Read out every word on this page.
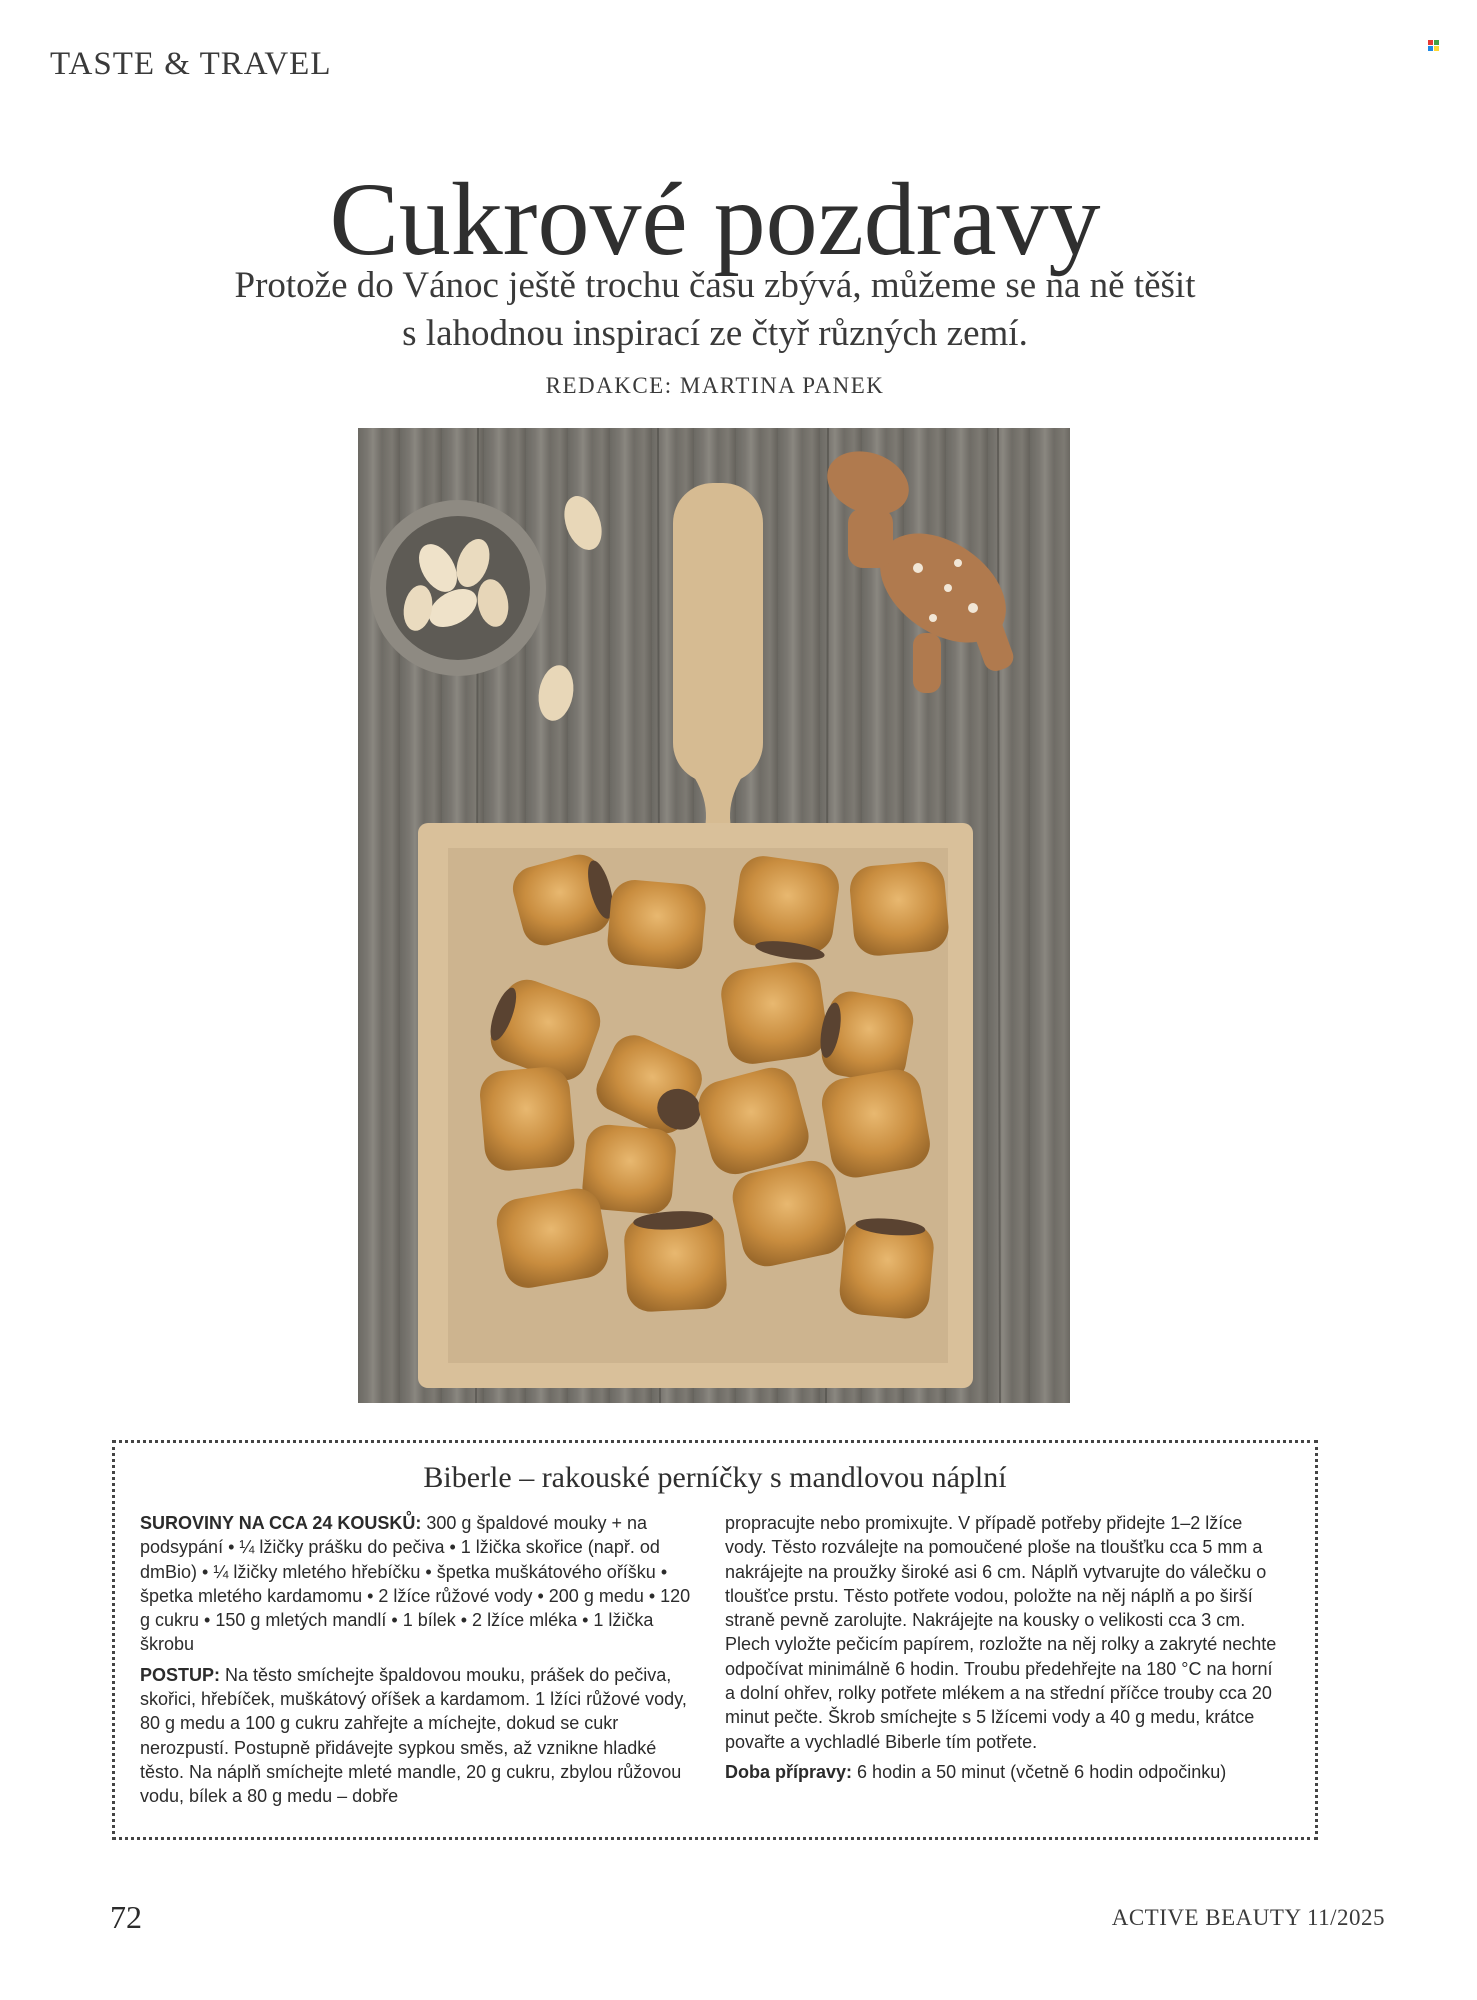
TASTE & TRAVEL
Cukrové pozdravy
Protože do Vánoc ještě trochu času zbývá, můžeme se na ně těšit
s lahodnou inspirací ze čtyř různých zemí.
REDAKCE: MARTINA PANEK
Biberle – rakouské perníčky s mandlovou náplní

SUROVINY NA CCA 24 KOUSKŮ: 300 g špaldové mouky + na podsypání • ¼ lžičky prášku do pečiva • 1 lžička skořice (např. od dmBio) • ¼ lžičky mletého hřebíčku • špetka muškátového oříšku • špetka mletého kardamomu • 2 lžíce růžové vody • 200 g medu • 120 g cukru • 150 g mletých mandlí • 1 bílek • 2 lžíce mléka • 1 lžička škrobu

POSTUP: Na těsto smíchejte špaldovou mouku, prášek do pečiva, skořici, hřebíček, muškátový oříšek a kardamom. 1 lžíci růžové vody, 80 g medu a 100 g cukru zahřejte a míchejte, dokud se cukr nerozpustí. Postupně přidávejte sypkou směs, až vznikne hladké těsto. Na náplň smíchejte mleté mandle, 20 g cukru, zbylou růžovou vodu, bílek a 80 g medu – dobře

propracujte nebo promixujte. V případě potřeby přidejte 1–2 lžíce vody. Těsto rozválejte na pomoučené ploše na tloušťku cca 5 mm a nakrájejte na proužky široké asi 6 cm. Náplň vytvarujte do válečku o tloušťce prstu. Těsto potřete vodou, položte na něj náplň a po širší straně pevně zarolujte. Nakrájejte na kousky o velikosti cca 3 cm. Plech vyložte pečicím papírem, rozložte na něj rolky a zakryté nechte odpočívat minimálně 6 hodin. Troubu předehřejte na 180 °C na horní a dolní ohřev, rolky potřete mlékem a na střední příčce trouby cca 20 minut pečte. Škrob smíchejte s 5 lžícemi vody a 40 g medu, krátce povařte a vychladlé Biberle tím potřete.

Doba přípravy: 6 hodin a 50 minut (včetně 6 hodin odpočinku)

72	ACTIVE BEAUTY 11/2025
